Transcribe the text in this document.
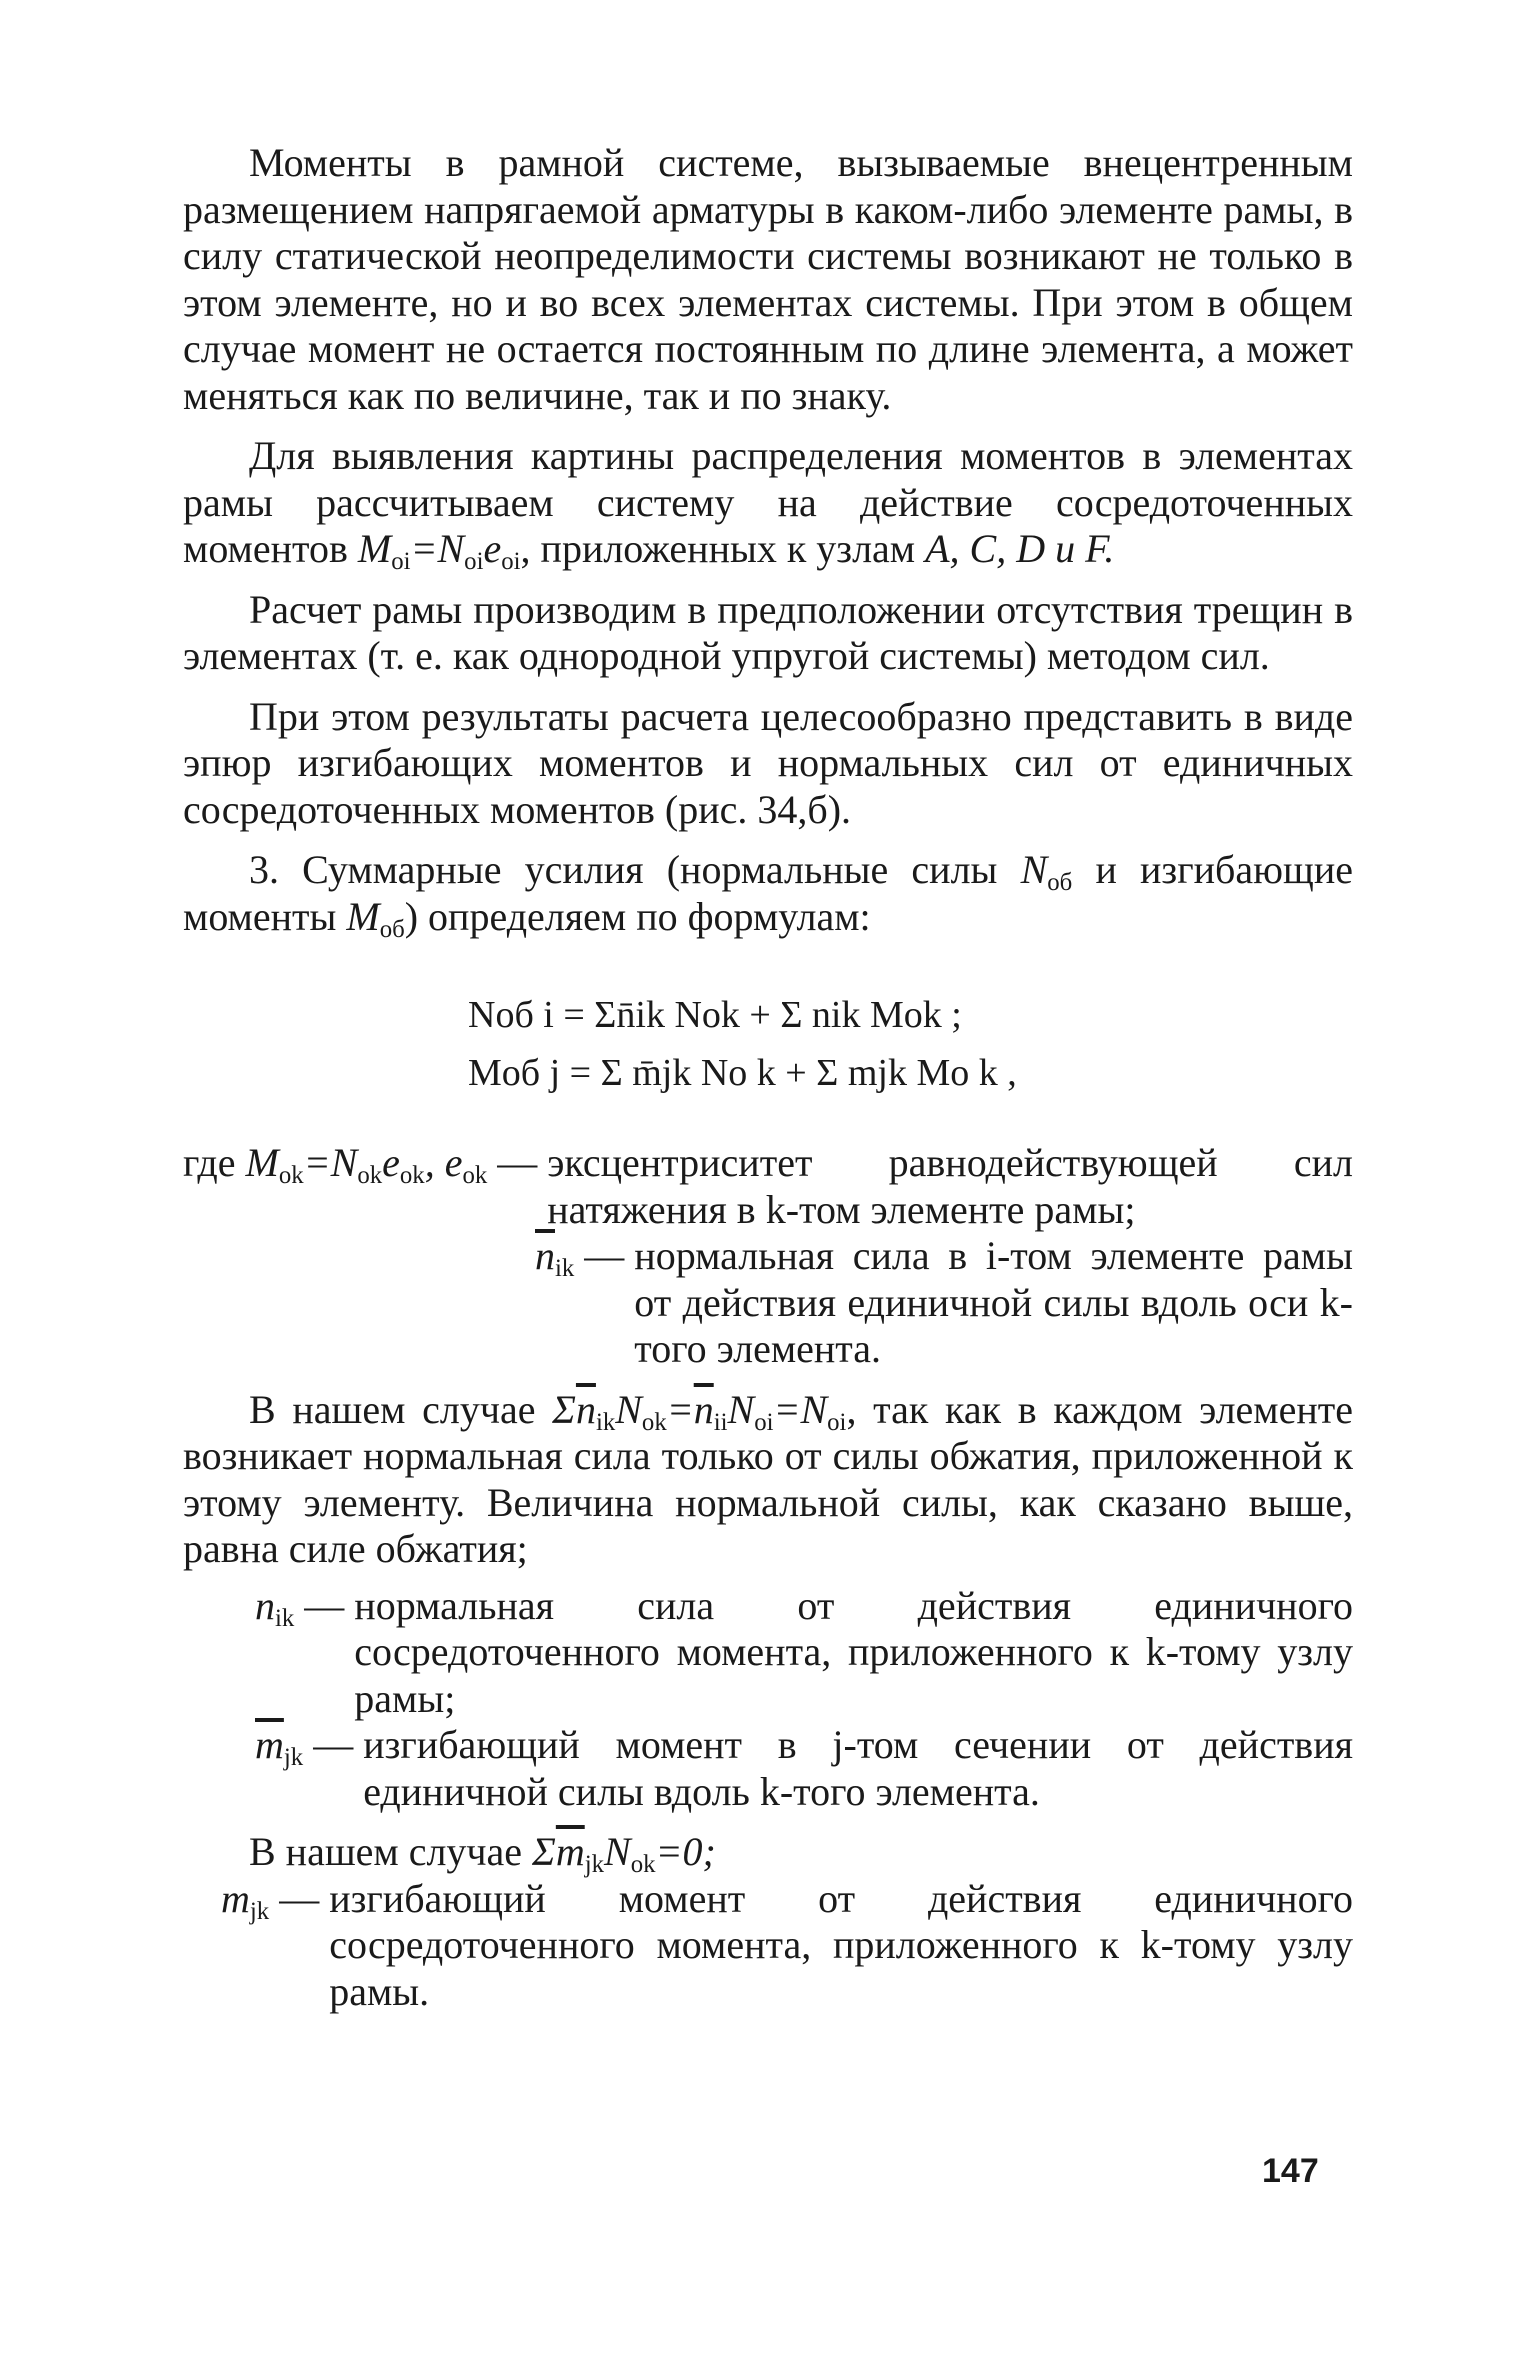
Моменты в рамной системе, вызываемые внецентренным размещением напрягаемой арматуры в каком-либо элементе рамы, в силу статической неопределимости системы возникают не только в этом элементе, но и во всех элементах системы. При этом в общем случае момент не остается постоянным по длине элемента, а может меняться как по величине, так и по знаку.

Для выявления картины распределения моментов в элементах рамы рассчитываем систему на действие сосредоточенных моментов $M_{oi}=N_{oi}e_{oi}$, приложенных к узлам A, C, D и F.

Расчет рамы производим в предположении отсутствия трещин в элементах (т. е. как однородной упругой системы) методом сил.

При этом результаты расчета целесообразно представить в виде эпюр изгибающих моментов и нормальных сил от единичных сосредоточенных моментов (рис. 34,б).

3. Суммарные усилия (нормальные силы $N_{об}$ и изгибающие моменты $M_{об}$) определяем по формулам:

Nоб i = Σn̄ik Nok + Σ nik Mok ;
Mоб j = Σ m̄jk No k + Σ mjk Mo k ,
где $M_{ok}=N_{ok}e_{ok}$, $e_{ok}$ — эксцентриситет равнодействующей сил натяжения в k-том элементе рамы;
$\overline{n}_{ik}$ — нормальная сила в i-том элементе рамы от действия единичной силы вдоль оси k-того элемента.

В нашем случае $\Sigma\overline{n}_{ik}N_{ok}=\overline{n}_{ii}N_{oi}=N_{oi}$, так как в каждом элементе возникает нормальная сила только от силы обжатия, приложенной к этому элементу. Величина нормальной силы, как сказано выше, равна силе обжатия;

$n_{ik}$ — нормальная сила от действия единичного сосредоточенного момента, приложенного к k-тому узлу рамы;
$\overline{m}_{jk}$ — изгибающий момент в j-том сечении от действия единичной силы вдоль k-того элемента.

В нашем случае $\Sigma\overline{m}_{jk}N_{ok}=0$;

$m_{jk}$ — изгибающий момент от действия единичного сосредоточенного момента, приложенного к k-тому узлу рамы.
147
